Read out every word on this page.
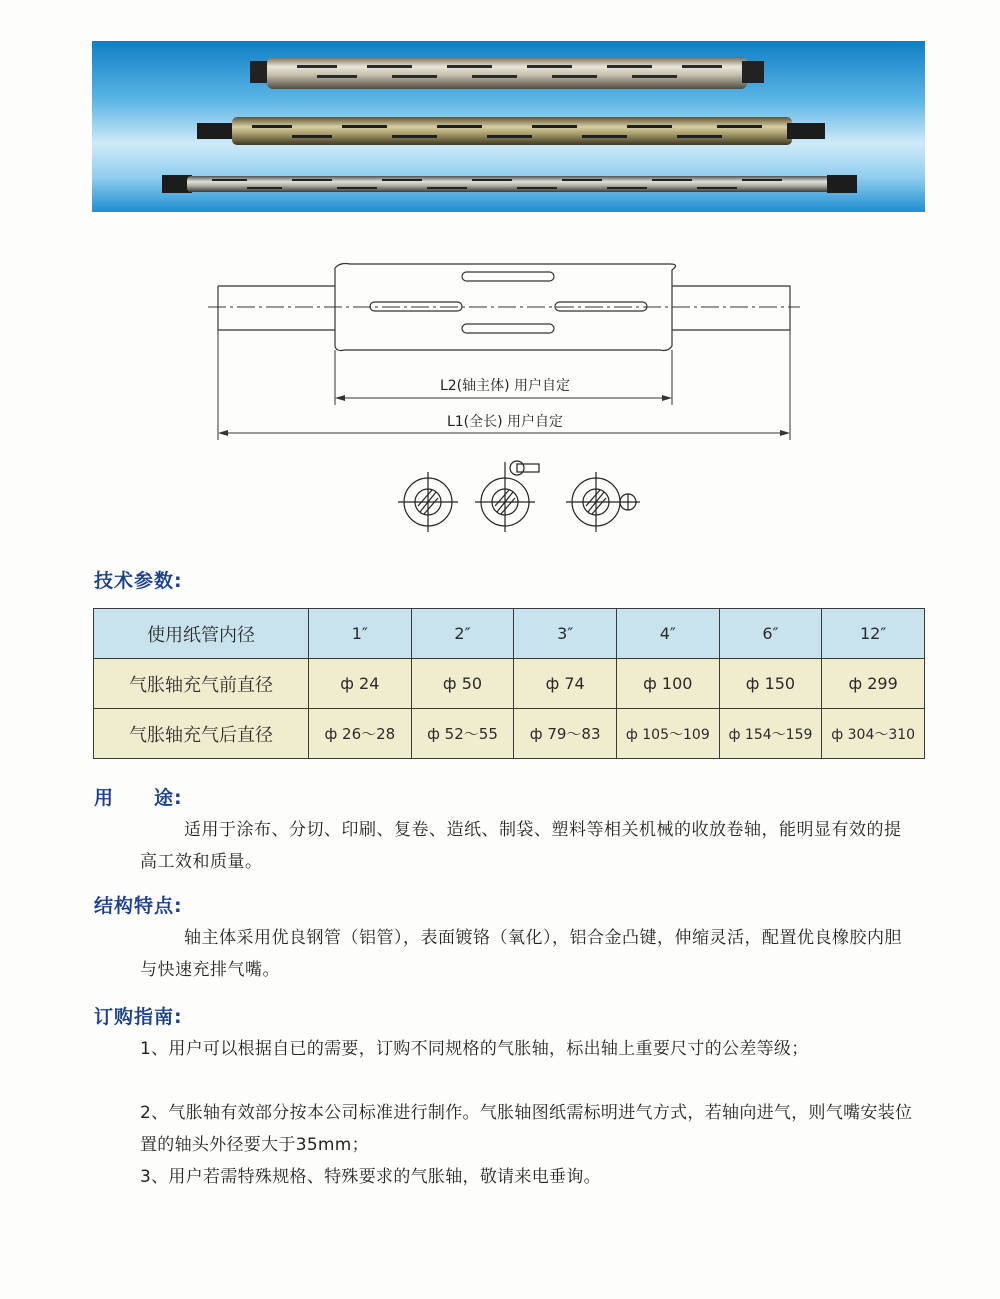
L2(轴主体) 用户自定
L1(全长) 用户自定
技术参数:
使用纸管内径	1″	2″	3″	4″	6″	12″
气胀轴充气前直径	ф 24	ф 50	ф 74	ф 100	ф 150	ф 299
气胀轴充气后直径	ф 26～28	ф 52～55	ф 79～83	ф 105～109	ф 154～159	ф 304～310
用　　途:
适用于涂布、分切、印刷、复卷、造纸、制袋、塑料等相关机械的收放卷轴，能明显有效的提高工效和质量。
结构特点:
轴主体采用优良钢管（铝管），表面镀铬（氧化），铝合金凸键，伸缩灵活，配置优良橡胶内胆与快速充排气嘴。
订购指南:
1、用户可以根据自已的需要，订购不同规格的气胀轴，标出轴上重要尺寸的公差等级；
2、气胀轴有效部分按本公司标准进行制作。气胀轴图纸需标明进气方式，若轴向进气，则气嘴安装位置的轴头外径要大于35mm；
3、用户若需特殊规格、特殊要求的气胀轴，敬请来电垂询。
